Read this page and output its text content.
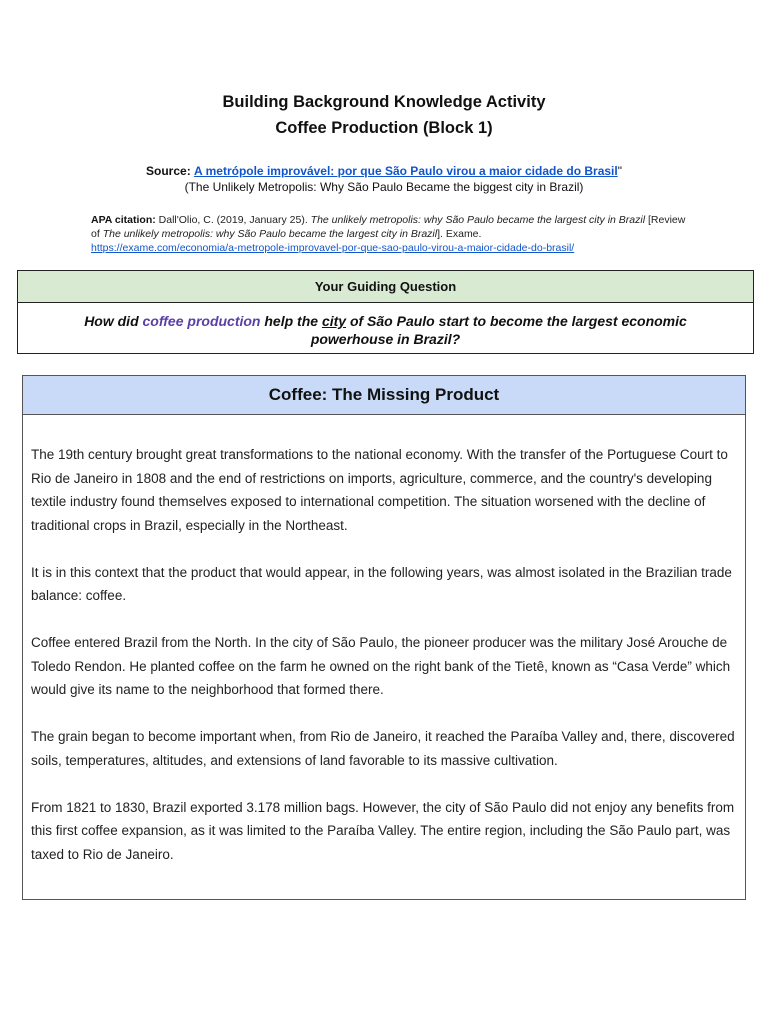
Building Background Knowledge Activity
Coffee Production (Block 1)
Source: A metrópole improvável: por que São Paulo virou a maior cidade do Brasil"
(The Unlikely Metropolis: Why São Paulo Became the biggest city in Brazil)
APA citation: Dall'Olio, C. (2019, January 25). The unlikely metropolis: why São Paulo became the largest city in Brazil [Review of The unlikely metropolis: why São Paulo became the largest city in Brazil]. Exame.
https://exame.com/economia/a-metropole-improvavel-por-que-sao-paulo-virou-a-maior-cidade-do-brasil/
Your Guiding Question
How did coffee production help the city of São Paulo start to become the largest economic powerhouse in Brazil?
Coffee: The Missing Product

The 19th century brought great transformations to the national economy. With the transfer of the Portuguese Court to Rio de Janeiro in 1808 and the end of restrictions on imports, agriculture, commerce, and the country's developing textile industry found themselves exposed to international competition. The situation worsened with the decline of traditional crops in Brazil, especially in the Northeast.

It is in this context that the product that would appear, in the following years, was almost isolated in the Brazilian trade balance: coffee.

Coffee entered Brazil from the North. In the city of São Paulo, the pioneer producer was the military José Arouche de Toledo Rendon. He planted coffee on the farm he owned on the right bank of the Tietê, known as “Casa Verde” which would give its name to the neighborhood that formed there.

The grain began to become important when, from Rio de Janeiro, it reached the Paraíba Valley and, there, discovered soils, temperatures, altitudes, and extensions of land favorable to its massive cultivation.

From 1821 to 1830, Brazil exported 3.178 million bags. However, the city of São Paulo did not enjoy any benefits from this first coffee expansion, as it was limited to the Paraíba Valley. The entire region, including the São Paulo part, was taxed to Rio de Janeiro.
